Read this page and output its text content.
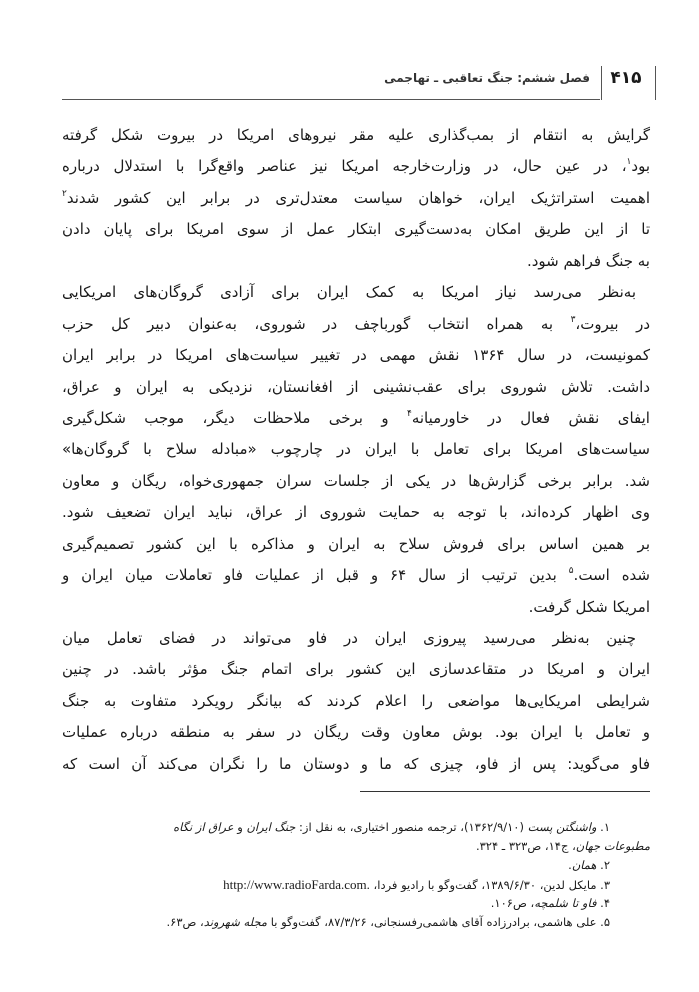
۴۱۵
فصل ششم: جنگ تعاقبی ـ تهاجمی
گرایش به انتقام از بمب‌گذاری علیه مقر نیروهای امریکا در بیروت شکل گرفته
بود$^۱$، در عین حال، در وزارت‌خارجه امریکا نیز عناصر واقع‌گرا با استدلال درباره
اهمیت استراتژیک ایران، خواهان سیاست معتدل‌تری در برابر این کشور شدند$^۲$
تا از این طریق امکان به‌دست‌گیری ابتکار عمل از سوی امریکا برای پایان دادن
به جنگ فراهم شود.
به‌نظر می‌رسد نیاز امریکا به کمک ایران برای آزادی گروگان‌های امریکایی
در بیروت،$^۳$ به همراه انتخاب گورباچف در شوروی، به‌عنوان دبیر کل حزب
کمونیست، در سال ۱۳۶۴ نقش مهمی در تغییر سیاست‌های امریکا در برابر ایران
داشت. تلاش شوروی برای عقب‌نشینی از افغانستان، نزدیکی به ایران و عراق،
ایفای نقش فعال در خاورمیانه$^۴$ و برخی ملاحظات دیگر، موجب شکل‌گیری
سیاست‌های امریکا برای تعامل با ایران در چارچوب «مبادله سلاح با گروگان‌ها»
شد. برابر برخی گزارش‌ها در یکی از جلسات سران جمهوری‌خواه، ریگان و معاون
وی اظهار کرده‌اند، با توجه به حمایت شوروی از عراق، نباید ایران تضعیف شود.
بر همین اساس برای فروش سلاح به ایران و مذاکره با این کشور تصمیم‌گیری
شده است.$^۵$ بدین ترتیب از سال ۶۴ و قبل از عملیات فاو تعاملات میان ایران و
امریکا شکل گرفت.
چنین به‌نظر می‌رسید پیروزی ایران در فاو می‌تواند در فضای تعامل میان
ایران و امریکا در متقاعدسازی این کشور برای اتمام جنگ مؤثر باشد. در چنین
شرایطی امریکایی‌ها مواضعی را اعلام کردند که بیانگر رویکرد متفاوت به جنگ
و تعامل با ایران بود. بوش معاون وقت ریگان در سفر به منطقه درباره عملیات
فاو می‌گوید: پس از فاو، چیزی که ما و دوستان ما را نگران می‌کند آن است که
۱. واشنگتن پست (۱۳۶۲/۹/۱۰)، ترجمه منصور اختیاری، به نقل از: جنگ ایران و عراق از نگاه
مطبوعات جهان، ج۱۴، ص۳۲۳ ـ ۳۲۴.
۲. همان.
۳. مایکل لدین، ۱۳۸۹/۶/۳۰، گفت‌وگو با رادیو فردا، http://www.radioFarda.com.
۴. فاو تا شلمچه، ص۱۰۶.
۵. علی هاشمی، برادرزاده آقای هاشمی‌رفسنجانی، ۸۷/۳/۲۶، گفت‌وگو با مجله شهروند، ص۶۳.
